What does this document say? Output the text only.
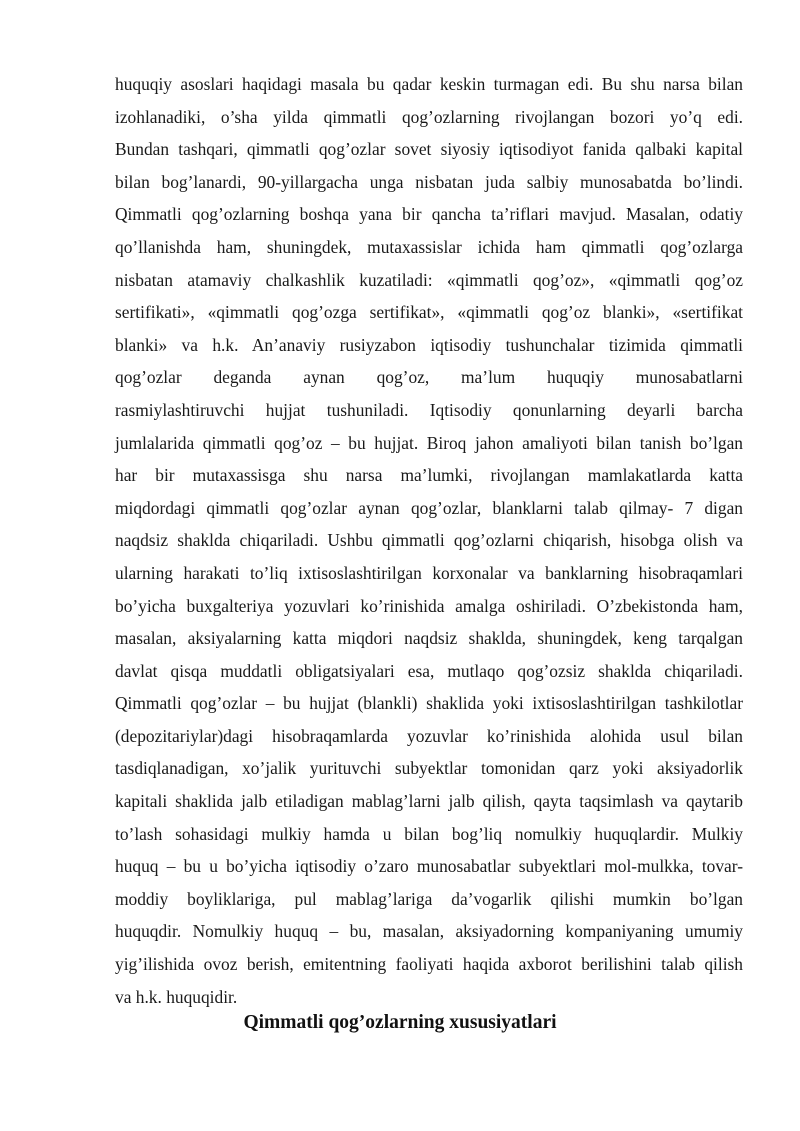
huquqiy asoslari haqidagi masala bu qadar keskin turmagan edi. Bu shu narsa bilan
izohlanadiki, o’sha yilda qimmatli qog’ozlarning rivojlangan bozori yo’q edi.
Bundan tashqari, qimmatli qog’ozlar sovet siyosiy iqtisodiyot fanida qalbaki kapital
bilan bog’lanardi, 90-yillargacha unga nisbatan juda salbiy munosabatda bo’lindi.
Qimmatli qog’ozlarning boshqa yana bir qancha ta’riflari mavjud. Masalan, odatiy
qo’llanishda ham, shuningdek, mutaxassislar ichida ham qimmatli qog’ozlarga
nisbatan atamaviy chalkashlik kuzatiladi: «qimmatli qog’oz», «qimmatli qog’oz
sertifikati», «qimmatli qog’ozga sertifikat», «qimmatli qog’oz blanki», «sertifikat
blanki» va h.k. An’anaviy rusiyzabon iqtisodiy tushunchalar tizimida qimmatli
qog’ozlar deganda aynan qog’oz, ma’lum huquqiy munosabatlarni
rasmiylashtiruvchi hujjat tushuniladi. Iqtisodiy qonunlarning deyarli barcha
jumlalarida qimmatli qog’oz – bu hujjat. Biroq jahon amaliyoti bilan tanish bo’lgan
har bir mutaxassisga shu narsa ma’lumki, rivojlangan mamlakatlarda katta
miqdordagi qimmatli qog’ozlar aynan qog’ozlar, blanklarni talab qilmay- 7 digan
naqdsiz shaklda chiqariladi. Ushbu qimmatli qog’ozlarni chiqarish, hisobga olish va
ularning harakati to’liq ixtisoslashtirilgan korxonalar va banklarning hisobraqamlari
bo’yicha buxgalteriya yozuvlari ko’rinishida amalga oshiriladi. O’zbekistonda ham,
masalan, aksiyalarning katta miqdori naqdsiz shaklda, shuningdek, keng tarqalgan
davlat qisqa muddatli obligatsiyalari esa, mutlaqo qog’ozsiz shaklda chiqariladi.
Qimmatli qog’ozlar – bu hujjat (blankli) shaklida yoki ixtisoslashtirilgan tashkilotlar
(depozitariylar)dagi hisobraqamlarda yozuvlar ko’rinishida alohida usul bilan
tasdiqlanadigan, xo’jalik yurituvchi subyektlar tomonidan qarz yoki aksiyadorlik
kapitali shaklida jalb etiladigan mablag’larni jalb qilish, qayta taqsimlash va qaytarib
to’lash sohasidagi mulkiy hamda u bilan bog’liq nomulkiy huquqlardir. Mulkiy
huquq – bu u bo’yicha iqtisodiy o’zaro munosabatlar subyektlari mol-mulkka, tovar-
moddiy boyliklariga, pul mablag’lariga da’vogarlik qilishi mumkin bo’lgan
huquqdir. Nomulkiy huquq – bu, masalan, aksiyadorning kompaniyaning umumiy
yig’ilishida ovoz berish, emitentning faoliyati haqida axborot berilishini talab qilish
va h.k. huquqidir.
Qimmatli qog’ozlarning xususiyatlari
